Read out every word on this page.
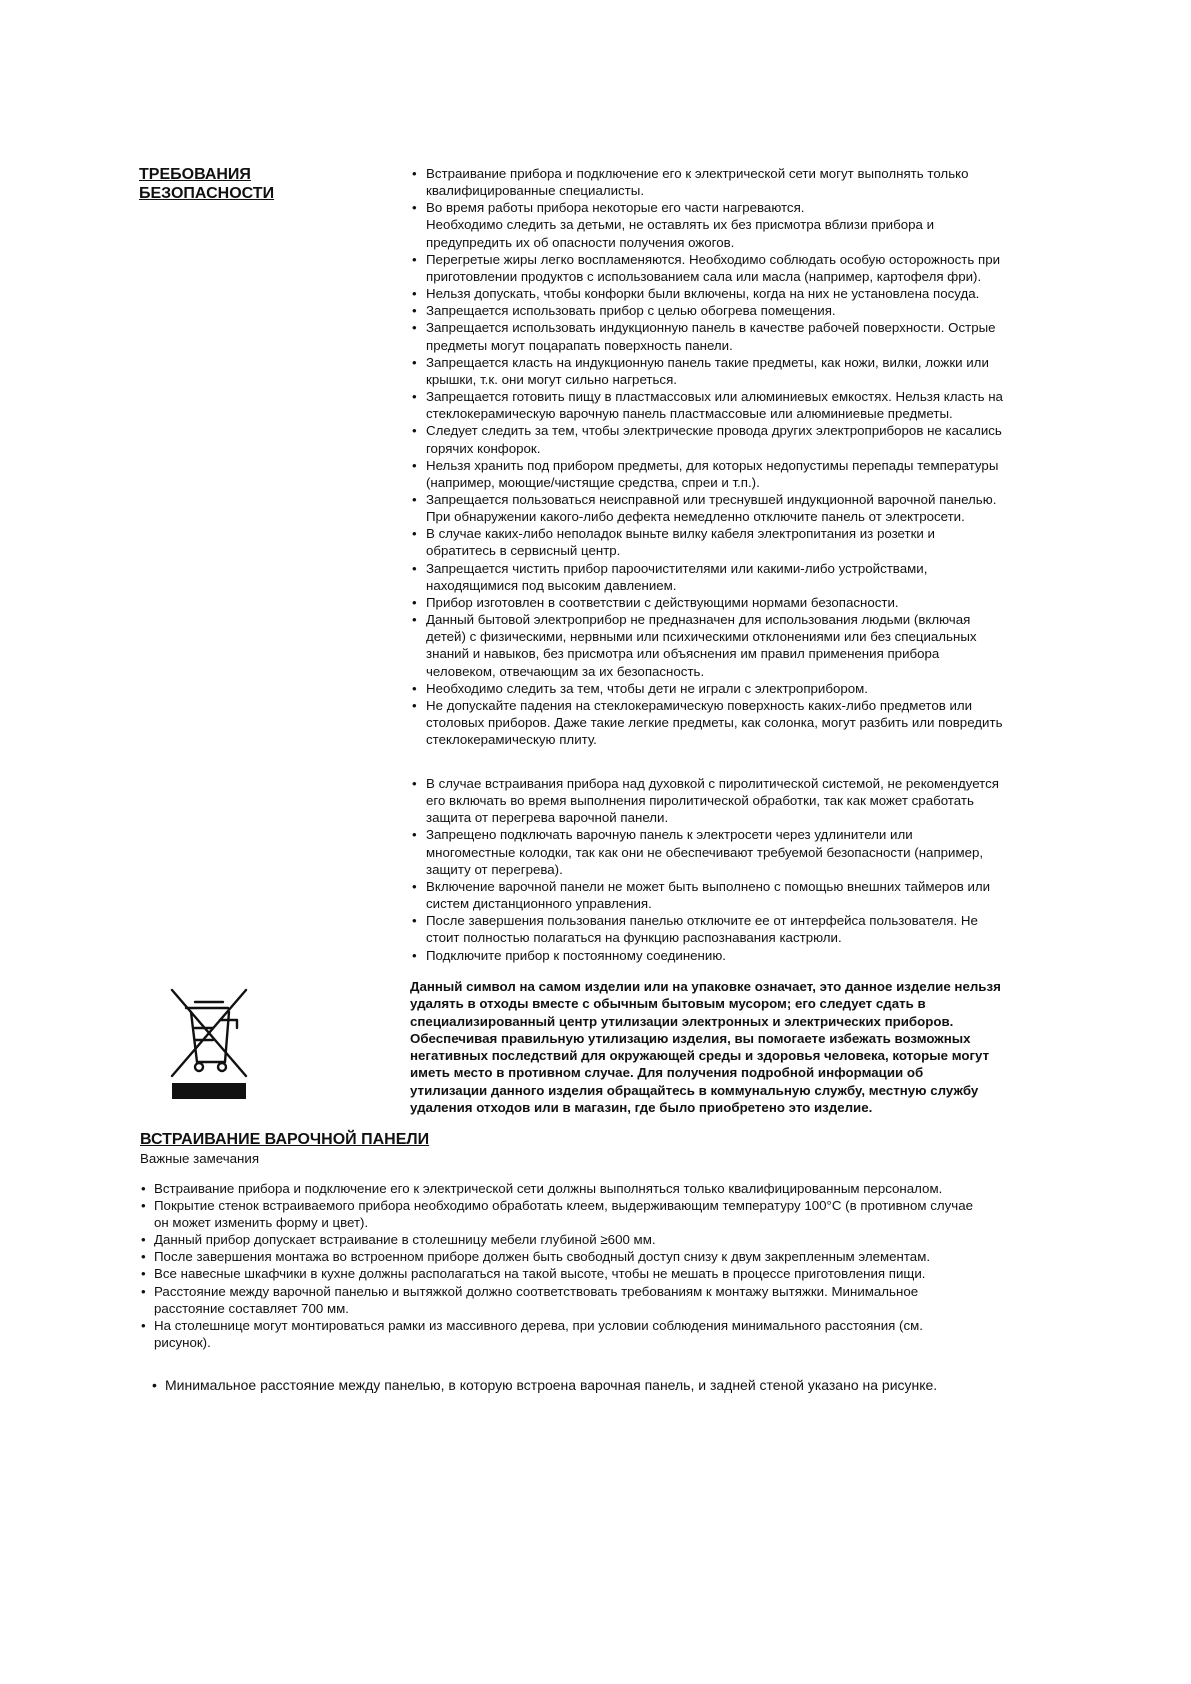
ТРЕБОВАНИЯ
БЕЗОПАСНОСТИ
• Встраивание прибора и подключение его к электрической сети могут выполнять только
квалифицированные специалисты.
• Во время работы прибора некоторые его части нагреваются.
Необходимо следить за детьми, не оставлять их без присмотра вблизи прибора и
предупредить их об опасности получения ожогов.
• Перегретые жиры легко воспламеняются. Необходимо соблюдать особую осторожность при
приготовлении продуктов с использованием сала или масла (например, картофеля фри).
• Нельзя допускать, чтобы конфорки были включены, когда на них не установлена посуда.
• Запрещается использовать прибор с целью обогрева помещения.
• Запрещается использовать индукционную панель в качестве рабочей поверхности. Острые
предметы могут поцарапать поверхность панели.
• Запрещается класть на индукционную панель такие предметы, как ножи, вилки, ложки или
крышки, т.к. они могут сильно нагреться.
• Запрещается готовить пищу в пластмассовых или алюминиевых емкостях. Нельзя класть на
стеклокерамическую варочную панель пластмассовые или алюминиевые предметы.
• Следует следить за тем, чтобы электрические провода других электроприборов не касались
горячих конфорок.
• Нельзя хранить под прибором предметы, для которых недопустимы перепады температуры
(например, моющие/чистящие средства, спреи и т.п.).
• Запрещается пользоваться неисправной или треснувшей индукционной варочной панелью.
При обнаружении какого-либо дефекта немедленно отключите панель от электросети.
• В случае каких-либо неполадок выньте вилку кабеля электропитания из розетки и
обратитесь в сервисный центр.
• Запрещается чистить прибор пароочистителями или какими-либо устройствами,
находящимися под высоким давлением.
• Прибор изготовлен в соответствии с действующими нормами безопасности.
• Данный бытовой электроприбор не предназначен для использования людьми (включая
детей) с физическими, нервными или психическими отклонениями или без специальных
знаний и навыков, без присмотра или объяснения им правил применения прибора
человеком, отвечающим за их безопасность.
• Необходимо следить за тем, чтобы дети не играли с электроприбором.
• Не допускайте падения на стеклокерамическую поверхность каких-либо предметов или
столовых приборов. Даже такие легкие предметы, как солонка, могут разбить или повредить
стеклокерамическую плиту.
• В случае встраивания прибора над духовкой с пиролитической системой, не рекомендуется
его включать во время выполнения пиролитической обработки, так как может сработать
защита от перегрева варочной панели.
• Запрещено подключать варочную панель к электросети через удлинители или
многоместные колодки, так как они не обеспечивают требуемой безопасности (например,
защиту от перегрева).
• Включение варочной панели не может быть выполнено с помощью внешних таймеров или
систем дистанционного управления.
• После завершения пользования панелью отключите ее от интерфейса пользователя. Не
стоит полностью полагаться на функцию распознавания кастрюли.
• Подключите прибор к постоянному соединению.
Данный символ на самом изделии или на упаковке означает, это данное изделие нельзя
удалять в отходы вместе с обычным бытовым мусором; его следует сдать в
специализированный центр утилизации электронных и электрических приборов.
Обеспечивая правильную утилизацию изделия, вы помогаете избежать возможных
негативных последствий для окружающей среды и здоровья человека, которые могут
иметь место в противном случае. Для получения подробной информации об
утилизации данного изделия обращайтесь в коммунальную службу, местную службу
удаления отходов или в магазин, где было приобретено это изделие.
ВСТРАИВАНИЕ ВАРОЧНОЙ ПАНЕЛИ
Важные замечания
• Встраивание прибора и подключение его к электрической сети должны выполняться только квалифицированным персоналом.
• Покрытие стенок встраиваемого прибора необходимо обработать клеем, выдерживающим температуру 100°C (в противном случае
он может изменить форму и цвет).
• Данный прибор допускает встраивание в столешницу мебели глубиной ≥600 мм.
• После завершения монтажа во встроенном приборе должен быть свободный доступ снизу к двум закрепленным элементам.
• Все навесные шкафчики в кухне должны располагаться на такой высоте, чтобы не мешать в процессе приготовления пищи.
• Расстояние между варочной панелью и вытяжкой должно соответствовать требованиям к монтажу вытяжки. Минимальное
расстояние составляет 700 мм.
• На столешнице могут монтироваться рамки из массивного дерева, при условии соблюдения минимального расстояния (см.
рисунок).
• Минимальное расстояние между панелью, в которую встроена варочная панель, и задней стеной указано на рисунке.
